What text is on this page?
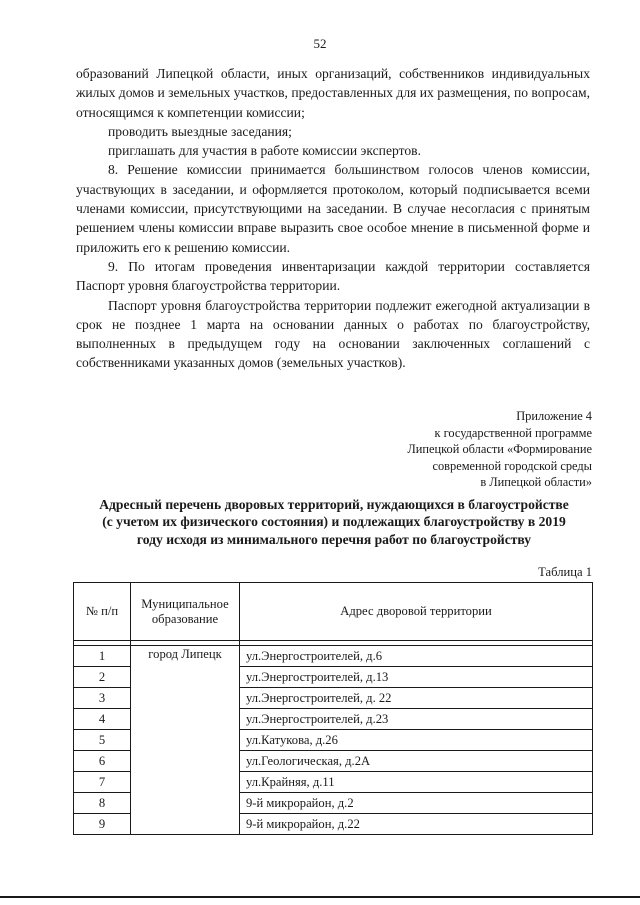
52

образований Липецкой области, иных организаций, собственников индивидуальных жилых домов и земельных участков, предоставленных для их размещения, по вопросам, относящимся к компетенции комиссии;

проводить выездные заседания;

приглашать для участия в работе комиссии экспертов.

8. Решение комиссии принимается большинством голосов членов комиссии, участвующих в заседании, и оформляется протоколом, который подписывается всеми членами комиссии, присутствующими на заседании. В случае несогласия с принятым решением члены комиссии вправе выразить свое особое мнение в письменной форме и приложить его к решению комиссии.

9. По итогам проведения инвентаризации каждой территории составляется Паспорт уровня благоустройства территории.

Паспорт уровня благоустройства территории подлежит ежегодной актуализации в срок не позднее 1 марта на основании данных о работах по благоустройству, выполненных в предыдущем году на основании заключенных соглашений с собственниками указанных домов (земельных участков).

Приложение 4
к государственной программе
Липецкой области «Формирование
современной городской среды
в Липецкой области»
Адресный перечень дворовых территорий, нуждающихся в благоустройстве (с учетом их физического состояния) и подлежащих благоустройству в 2019 году исходя из минимального перечня работ по благоустройству
Таблица 1
№ п/п	Муниципальное образование	Адрес дворовой территории

1	город Липецк	ул.Энергостроителей, д.6
2		ул.Энергостроителей, д.13
3		ул.Энергостроителей, д. 22
4		ул.Энергостроителей, д.23
5		ул.Катукова, д.26
6		ул.Геологическая, д.2А
7		ул.Крайняя, д.11
8		9-й микрорайон, д.2
9		9-й микрорайон, д.22
